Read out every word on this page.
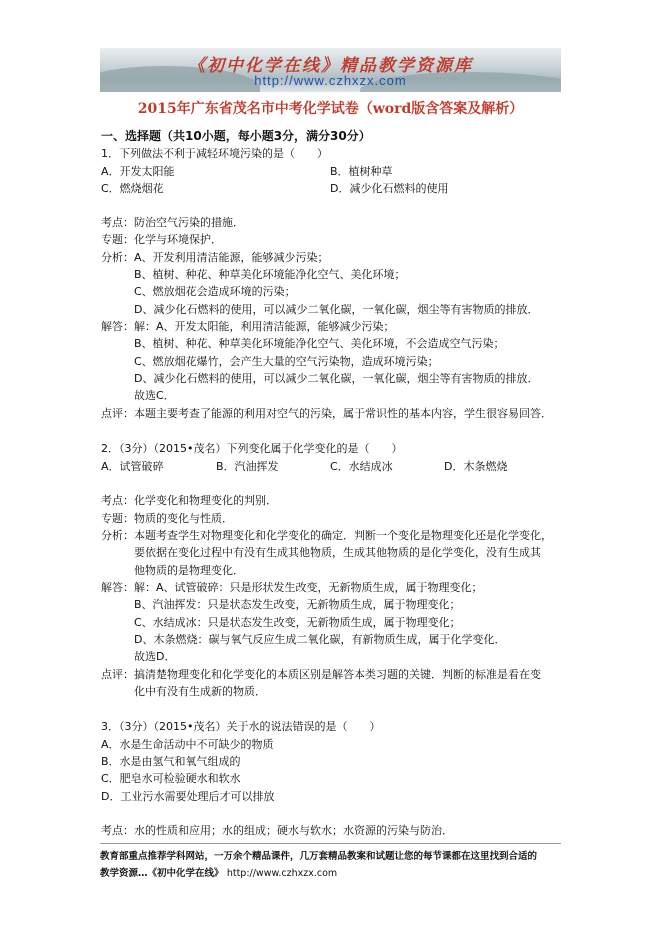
《初中化学在线》精品教学资源库
http://www.czhxzx.com
2015年广东省茂名市中考化学试卷（word版含答案及解析）
一、选择题（共10小题，每小题3分，满分30分）
1．下列做法不利于减轻环境污染的是（　　）
A．开发太阳能	B．植树种草
C．燃烧烟花	D．减少化石燃料的使用
考点：防治空气污染的措施．
专题：化学与环境保护．
分析：A、开发利用清洁能源，能够减少污染；
　　　B、植树、种花、种草美化环境能净化空气、美化环境；
　　　C、燃放烟花会造成环境的污染；
　　　D、减少化石燃料的使用，可以减少二氧化碳，一氧化碳，烟尘等有害物质的排放．
解答：解：A、开发太阳能，利用清洁能源，能够减少污染；
　　　B、植树、种花、种草美化环境能净化空气、美化环境，不会造成空气污染；
　　　C、燃放烟花爆竹，会产生大量的空气污染物，造成环境污染；
　　　D、减少化石燃料的使用，可以减少二氧化碳，一氧化碳，烟尘等有害物质的排放．
　　　故选C．
点评：本题主要考查了能源的利用对空气的污染，属于常识性的基本内容，学生很容易回答．
2．（3分）（2015•茂名）下列变化属于化学变化的是（　　）
A．试管破碎	B．汽油挥发	C．水结成冰	D．木条燃烧
考点：化学变化和物理变化的判别．
专题：物质的变化与性质．
分析：本题考查学生对物理变化和化学变化的确定．判断一个变化是物理变化还是化学变化，
　　　要依据在变化过程中有没有生成其他物质，生成其他物质的是化学变化，没有生成其
　　　他物质的是物理变化．
解答：解：A、试管破碎：只是形状发生改变，无新物质生成，属于物理变化；
　　　B、汽油挥发：只是状态发生改变，无新物质生成，属于物理变化；
　　　C、水结成冰：只是状态发生改变，无新物质生成，属于物理变化；
　　　D、木条燃烧：碳与氧气反应生成二氧化碳，有新物质生成，属于化学变化．
　　　故选D．
点评：搞清楚物理变化和化学变化的本质区别是解答本类习题的关键．判断的标准是看在变
　　　化中有没有生成新的物质．
3．（3分）（2015•茂名）关于水的说法错误的是（　　）
A．水是生命活动中不可缺少的物质
B．水是由氢气和氧气组成的
C．肥皂水可检验硬水和软水
D．工业污水需要处理后才可以排放
考点：水的性质和应用；水的组成；硬水与软水；水资源的污染与防治．
教育部重点推荐学科网站，一万余个精品课件，几万套精品教案和试题让您的每节课都在这里找到合适的
教学资源…《初中化学在线》 http://www.czhxzx.com
